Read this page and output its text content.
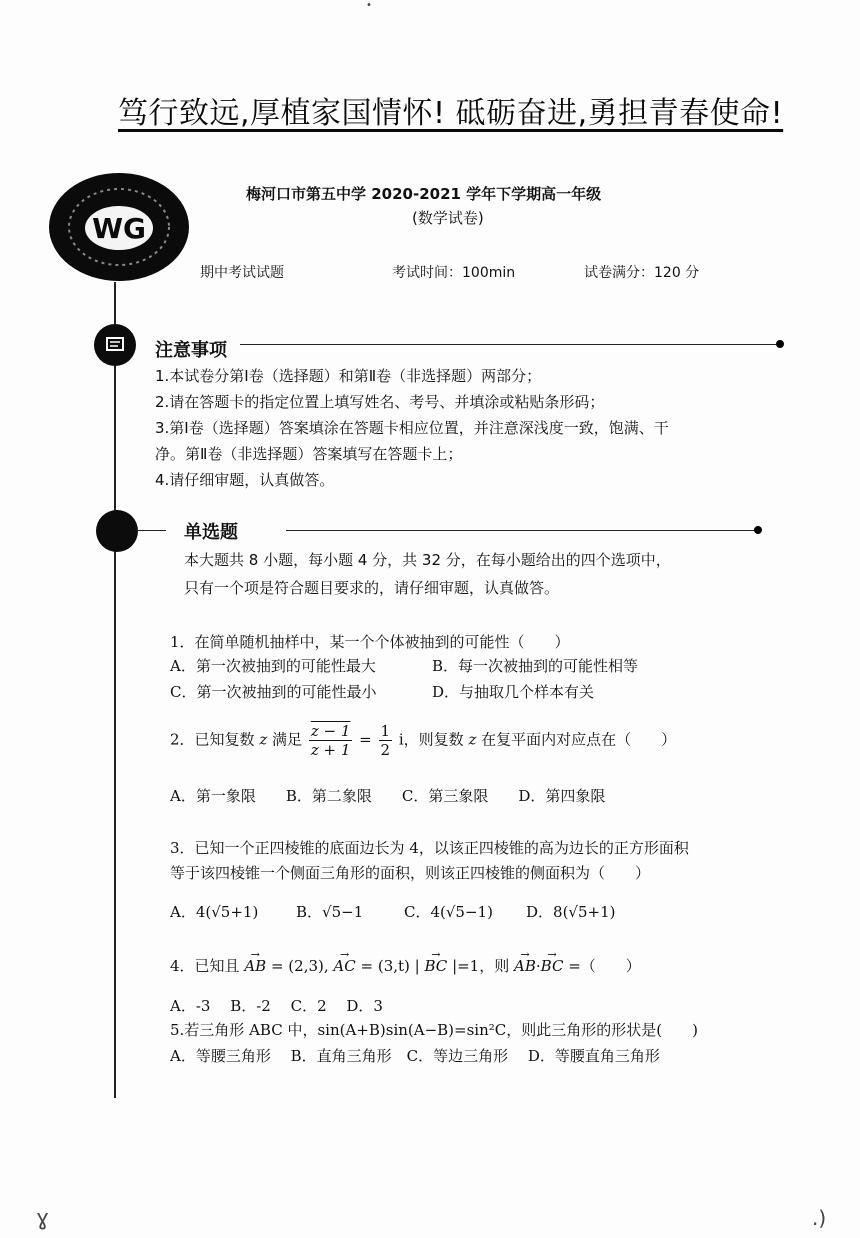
笃行致远,厚植家国情怀! 砥砺奋进,勇担青春使命!
WG
梅河口市第五中学 2020-2021 学年下学期高一年级
(数学试卷)
期中考试试题	考试时间：100min	试卷满分：120 分
注意事项
1.本试卷分第Ⅰ卷（选择题）和第Ⅱ卷（非选择题）两部分；
2.请在答题卡的指定位置上填写姓名、考号、并填涂或粘贴条形码；
3.第Ⅰ卷（选择题）答案填涂在答题卡相应位置，并注意深浅度一致，饱满、干
净。第Ⅱ卷（非选择题）答案填写在答题卡上；
4.请仔细审题，认真做答。
单选题
本大题共 8 小题，每小题 4 分，共 32 分，在每小题给出的四个选项中，
只有一个项是符合题目要求的，请仔细审题，认真做答。
1．在简单随机抽样中，某一个个体被抽到的可能性（　　）
A．第一次被抽到的可能性最大	B．每一次被抽到的可能性相等
C．第一次被抽到的可能性最小	D．与抽取几个样本有关
2．已知复数 z 满足 $\frac{z - 1}{z + 1} = \frac{1}{2}$ i，则复数 z 在复平面内对应点在（　　）
A．第一象限　　B．第二象限　　C．第三象限　　D．第四象限
3．已知一个正四棱锥的底面边长为 4，以该正四棱锥的高为边长的正方形面积
等于该四棱锥一个侧面三角形的面积，则该正四棱锥的侧面积为（　　）
A．4(√5+1)	B．√5−1	C．4(√5−1) D．8(√5+1)
4．已知且 → AB = (2,3), → AC = (3,t) | → BC |=1，则 → AB·→ BC =（　　）
A．-3　 B．-2　 C．2　 D．3
5.若三角形 ABC 中，sin(A+B)sin(A−B)=sin²C，则此三角形的形状是(　　)
A．等腰三角形　 B．直角三角形　C．等边三角形　 D．等腰直角三角形
ɣ	.)
•
